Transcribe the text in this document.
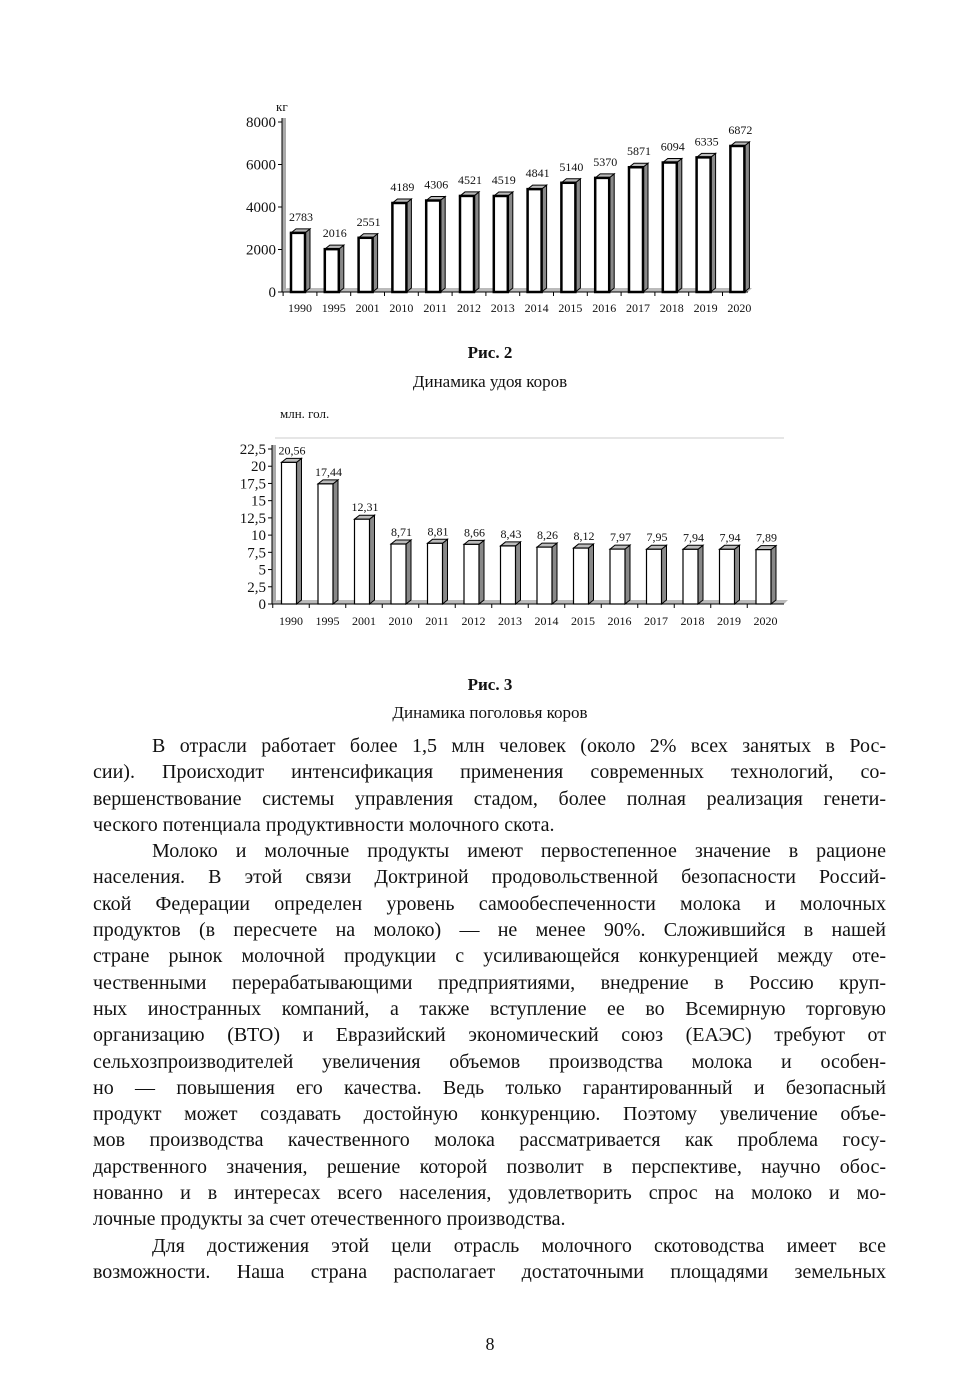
кг
0
2000
4000
6000
8000
2783
1990
2016
1995
2551
2001
4189
2010
4306
2011
4521
2012
4519
2013
4841
2014
5140
2015
5370
2016
5871
2017
6094
2018
6335
2019
6872
2020
Рис. 2
Динамика удоя коров
млн. гол.
0
2,5
5
7,5
10
12,5
15
17,5
20
22,5 20,56
1990
17,44
1995
12,31
2001
8,71
2010
8,81
2011
8,66
2012
8,43
2013
8,26
2014
8,12
2015
7,97
2016
7,95
2017
7,94
2018
7,94
2019
7,89
2020
Рис. 3
Динамика поголовья коров
В отрасли работает более 1,5 млн человек (около 2% всех занятых в Рос-
сии). Происходит интенсификация применения современных технологий, со-
вершенствование системы управления стадом, более полная реализация генети-
ческого потенциала продуктивности молочного скота.
Молоко и молочные продукты имеют первостепенное значение в рационе
населения. В этой связи Доктриной продовольственной безопасности Россий-
ской Федерации определен уровень самообеспеченности молока и молочных
продуктов (в пересчете на молоко) — не менее 90%. Сложившийся в нашей
стране рынок молочной продукции с усиливающейся конкуренцией между оте-
чественными перерабатывающими предприятиями, внедрение в Россию круп-
ных иностранных компаний, а также вступление ее во Всемирную торговую
организацию (ВТО) и Евразийский экономический союз (ЕАЭС) требуют от
сельхозпроизводителей увеличения объемов производства молока и особен-
но — повышения его качества. Ведь только гарантированный и безопасный
продукт может создавать достойную конкуренцию. Поэтому увеличение объе-
мов производства качественного молока рассматривается как проблема госу-
дарственного значения, решение которой позволит в перспективе, научно обос-
нованно и в интересах всего населения, удовлетворить спрос на молоко и мо-
лочные продукты за счет отечественного производства.
Для достижения этой цели отрасль молочного скотоводства имеет все
возможности. Наша страна располагает достаточными площадями земельных
8
